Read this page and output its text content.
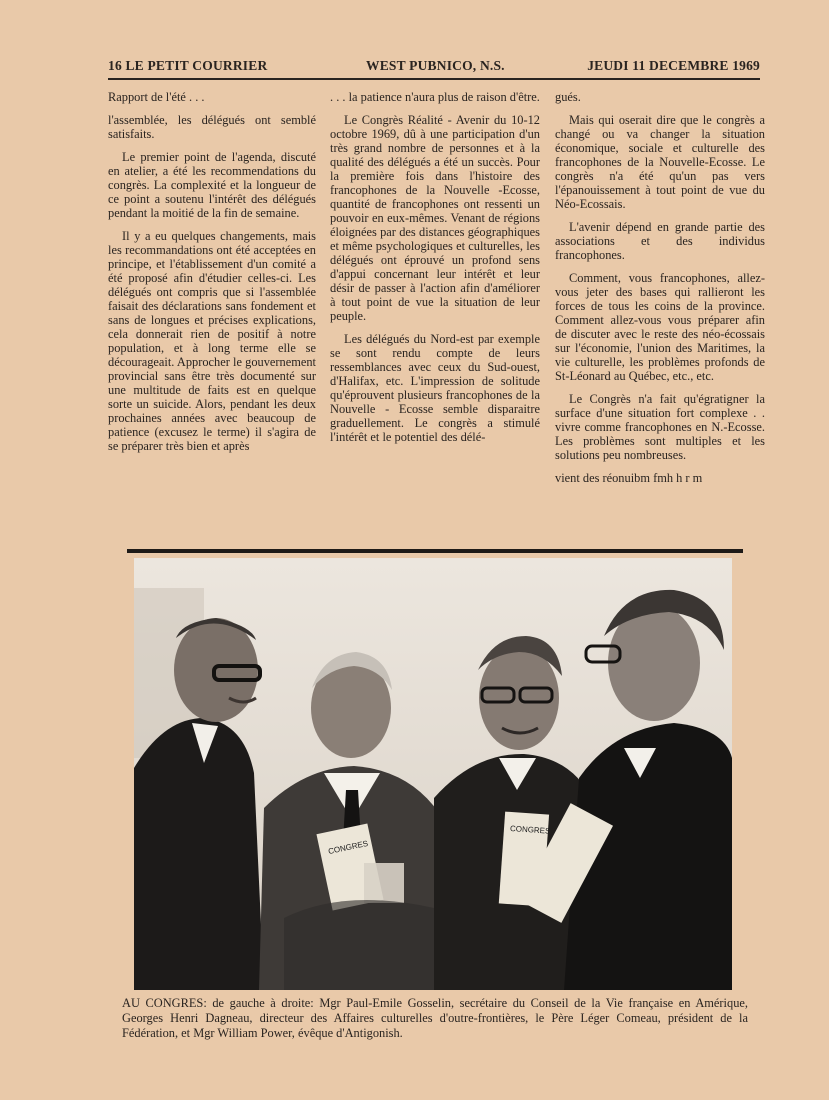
16 LE PETIT COURRIER	WEST PUBNICO, N.S.	JEUDI 11 DECEMBRE 1969

Rapport de l'été . . .

l'assemblée, les délégués ont semblé satisfaits.

Le premier point de l'agenda, discuté en atelier, a été les recommendations du congrès. La complexité et la longueur de ce point a soutenu l'intérêt des délégués pendant la moitié de la fin de semaine.

Il y a eu quelques changements, mais les recommandations ont été acceptées en principe, et l'établissement d'un comité a été proposé afin d'étudier celles-ci. Les délégués ont compris que si l'assemblée faisait des déclarations sans fondement et sans de longues et précises explications, cela donnerait rien de positif à notre population, et à long terme elle se décourageait. Approcher le gouvernement provincial sans être très documenté sur une multitude de faits est en quelque sorte un suicide. Alors, pendant les deux prochaines années avec beaucoup de patience (excusez le terme) il s'agira de se préparer très bien et après

. . . la patience n'aura plus de raison d'être.

Le Congrès Réalité - Avenir du 10-12 octobre 1969, dû à une participation d'un très grand nombre de personnes et à la qualité des délégués a été un succès. Pour la première fois dans l'histoire des francophones de la Nouvelle -Ecosse, quantité de francophones ont ressenti un pouvoir en eux-mêmes. Venant de régions éloignées par des distances géographiques et même psychologiques et culturelles, les délégués ont éprouvé un profond sens d'appui concernant leur intérêt et leur désir de passer à l'action afin d'améliorer à tout point de vue la situation de leur peuple.

Les délégués du Nord-est par exemple se sont rendu compte de leurs ressemblances avec ceux du Sud-ouest, d'Halifax, etc. L'impression de solitude qu'éprouvent plusieurs francophones de la Nouvelle - Ecosse semble disparaitre graduellement. Le congrès a stimulé l'intérêt et le potentiel des délé-

gués.

Mais qui oserait dire que le congrès a changé ou va changer la situation économique, sociale et culturelle des francophones de la Nouvelle-Ecosse. Le congrès n'a été qu'un pas vers l'épanouissement à tout point de vue du Néo-Ecossais.

L'avenir dépend en grande partie des associations et des individus francophones.

Comment, vous francophones, allez-vous jeter des bases qui rallieront les forces de tous les coins de la province. Comment allez-vous vous préparer afin de discuter avec le reste des néo-écossais sur l'économie, l'union des Maritimes, la vie culturelle, les problèmes profonds de St-Léonard au Québec, etc., etc.

Le Congrès n'a fait qu'égratigner la surface d'une situation fort complexe . . vivre comme francophones en N.-Ecosse. Les problèmes sont multiples et les solutions peu nombreuses.

vient des réonuibm fmh h r m

CONGRES
CONGRES
AU CONGRES: de gauche à droite: Mgr Paul-Emile Gosselin, secrétaire du Conseil de la Vie française en Amérique, Georges Henri Dagneau, directeur des Affaires culturelles d'outre-frontières, le Père Léger Comeau, président de la Fédération, et Mgr William Power, évêque d'Antigonish.
